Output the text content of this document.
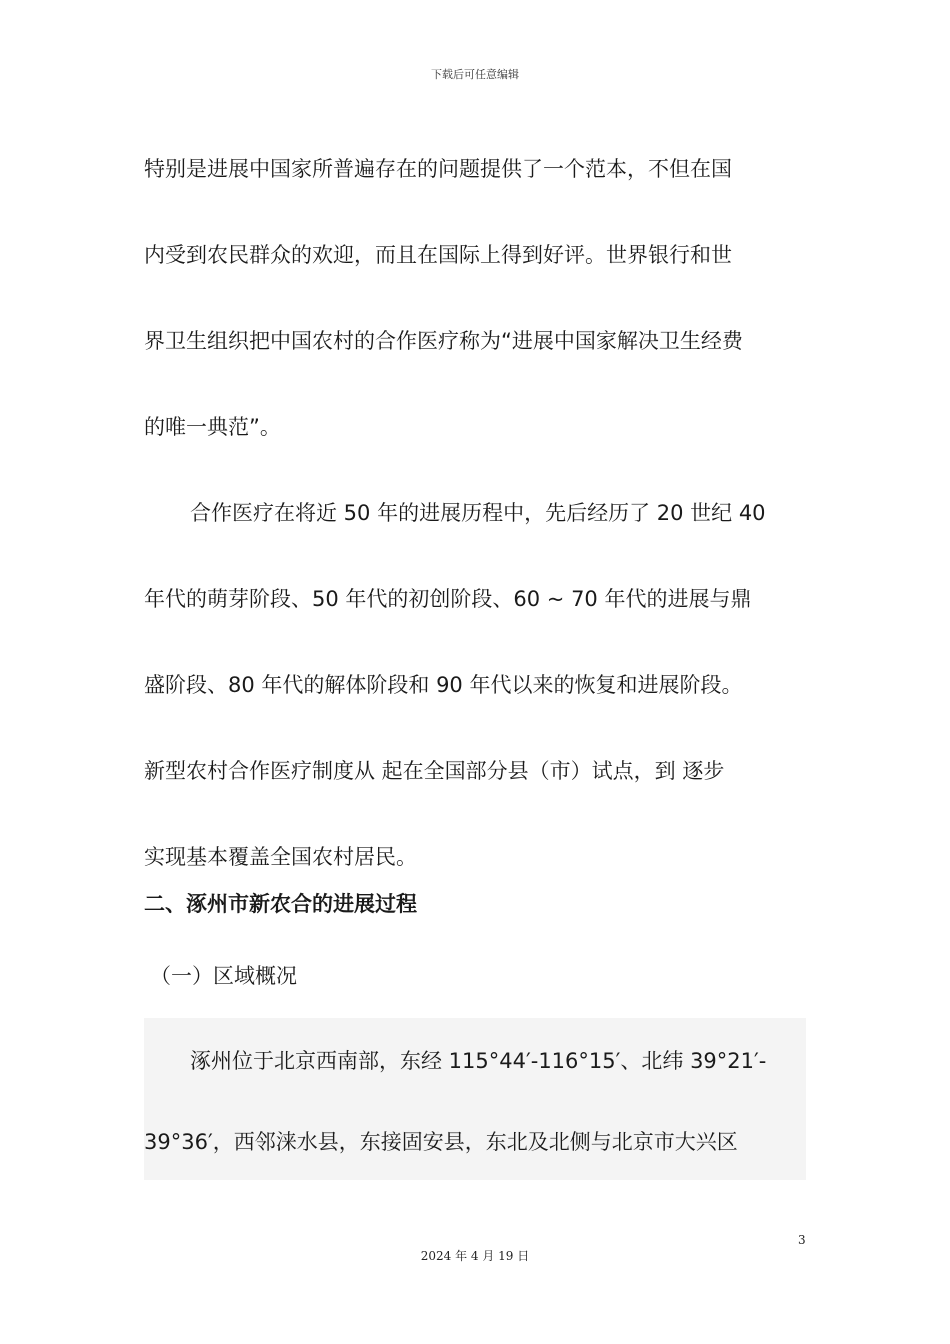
下载后可任意编辑
特别是进展中国家所普遍存在的问题提供了一个范本，不但在国
内受到农民群众的欢迎，而且在国际上得到好评。世界银行和世
界卫生组织把中国农村的合作医疗称为“进展中国家解决卫生经费
的唯一典范”。
合作医疗在将近 50 年的进展历程中，先后经历了 20 世纪 40
年代的萌芽阶段、50 年代的初创阶段、60 ~ 70 年代的进展与鼎
盛阶段、80 年代的解体阶段和 90 年代以来的恢复和进展阶段。
新型农村合作医疗制度从 起在全国部分县（市）试点，到 逐步
实现基本覆盖全国农村居民。
二、涿州市新农合的进展过程
（一）区域概况
涿州位于北京西南部，东经 115°44′-116°15′、北纬 39°21′-
39°36′，西邻涞水县，东接固安县，东北及北侧与北京市大兴区
3
2024 年 4 月 19 日
